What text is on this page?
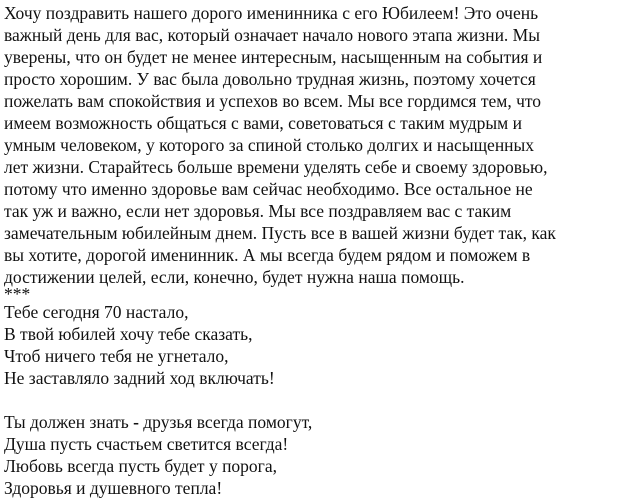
Хочу поздравить нашего дорого именинника с его Юбилеем! Это очень
важный день для вас, который означает начало нового этапа жизни. Мы
уверены, что он будет не менее интересным, насыщенным на события и
просто хорошим. У вас была довольно трудная жизнь, поэтому хочется
пожелать вам спокойствия и успехов во всем. Мы все гордимся тем, что
имеем возможность общаться с вами, советоваться с таким мудрым и
умным человеком, у которого за спиной столько долгих и насыщенных
лет жизни. Старайтесь больше времени уделять себе и своему здоровью,
потому что именно здоровье вам сейчас необходимо. Все остальное не
так уж и важно, если нет здоровья. Мы все поздравляем вас с таким
замечательным юбилейным днем. Пусть все в вашей жизни будет так, как
вы хотите, дорогой именинник. А мы всегда будем рядом и поможем в
достижении целей, если, конечно, будет нужна наша помощь.
***
Тебе сегодня 70 настало,
В твой юбилей хочу тебе сказать,
Чтоб ничего тебя не угнетало,
Не заставляло задний ход включать!
Ты должен знать - друзья всегда помогут,
Душа пусть счастьем светится всегда!
Любовь всегда пусть будет у порога,
Здоровья и душевного тепла!
